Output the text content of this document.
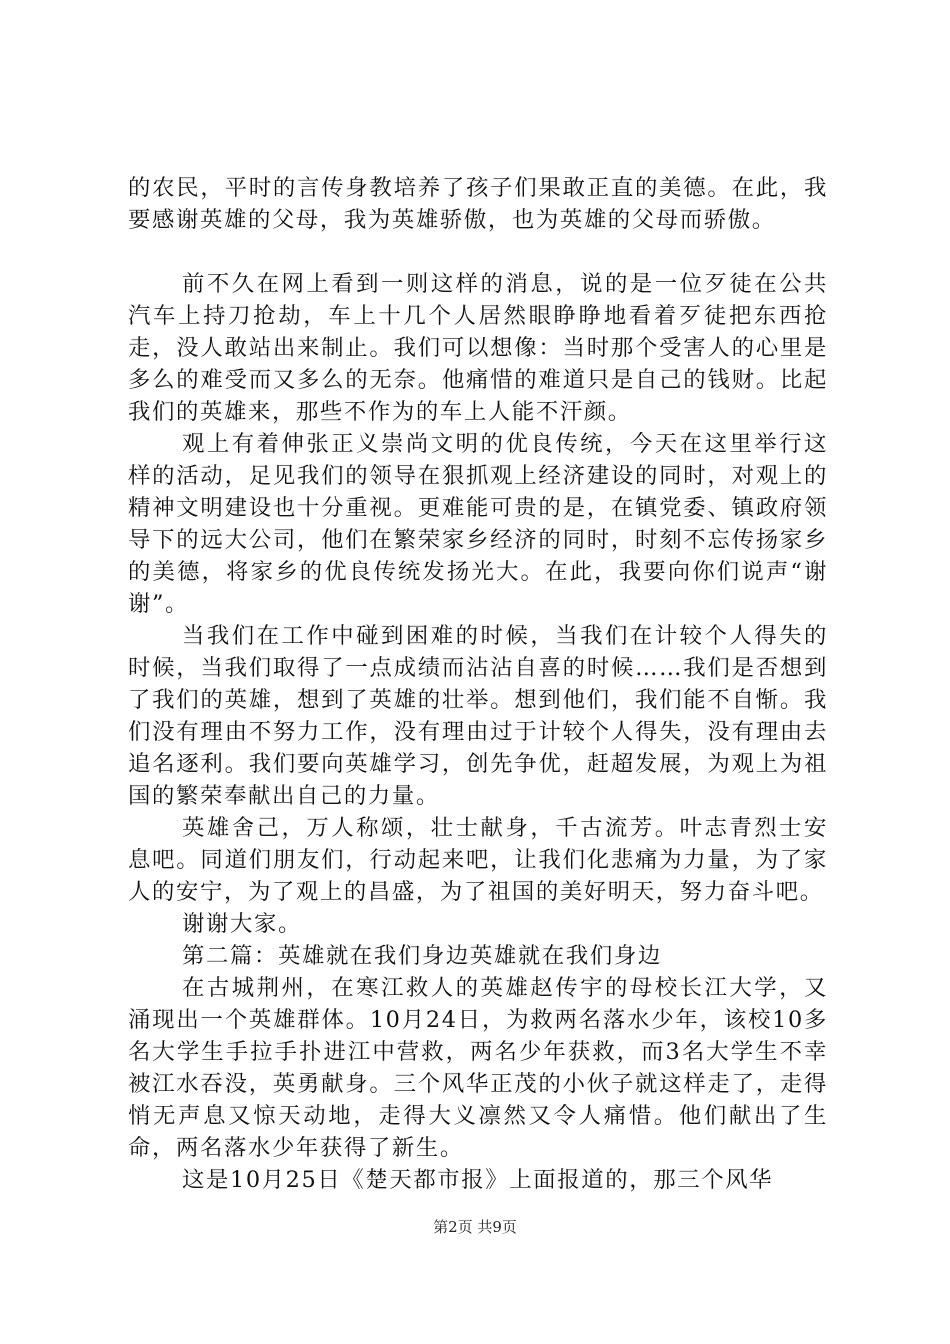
的农民，平时的言传身教培养了孩子们果敢正直的美德。在此，我要感谢英雄的父母，我为英雄骄傲，也为英雄的父母而骄傲。

前不久在网上看到一则这样的消息，说的是一位歹徒在公共汽车上持刀抢劫，车上十几个人居然眼睁睁地看着歹徒把东西抢走，没人敢站出来制止。我们可以想像：当时那个受害人的心里是多么的难受而又多么的无奈。他痛惜的难道只是自己的钱财。比起我们的英雄来，那些不作为的车上人能不汗颜。

观上有着伸张正义崇尚文明的优良传统，今天在这里举行这样的活动，足见我们的领导在狠抓观上经济建设的同时，对观上的精神文明建设也十分重视。更难能可贵的是，在镇党委、镇政府领导下的远大公司，他们在繁荣家乡经济的同时，时刻不忘传扬家乡的美德，将家乡的优良传统发扬光大。在此，我要向你们说声“谢谢”。

当我们在工作中碰到困难的时候，当我们在计较个人得失的时候，当我们取得了一点成绩而沾沾自喜的时候……我们是否想到了我们的英雄，想到了英雄的壮举。想到他们，我们能不自惭。我们没有理由不努力工作，没有理由过于计较个人得失，没有理由去追名逐利。我们要向英雄学习，创先争优，赶超发展，为观上为祖国的繁荣奉献出自己的力量。

英雄舍己，万人称颂，壮士献身，千古流芳。叶志青烈士安息吧。同道们朋友们，行动起来吧，让我们化悲痛为力量，为了家人的安宁，为了观上的昌盛，为了祖国的美好明天，努力奋斗吧。

谢谢大家。

第二篇：英雄就在我们身边英雄就在我们身边

在古城荆州，在寒江救人的英雄赵传宇的母校长江大学，又涌现出一个英雄群体。10月24日，为救两名落水少年，该校10多名大学生手拉手扑进江中营救，两名少年获救，而3名大学生不幸被江水吞没，英勇献身。三个风华正茂的小伙子就这样走了，走得悄无声息又惊天动地，走得大义凛然又令人痛惜。他们献出了生命，两名落水少年获得了新生。

这是10月25日《楚天都市报》上面报道的，那三个风华

第2页 共9页
